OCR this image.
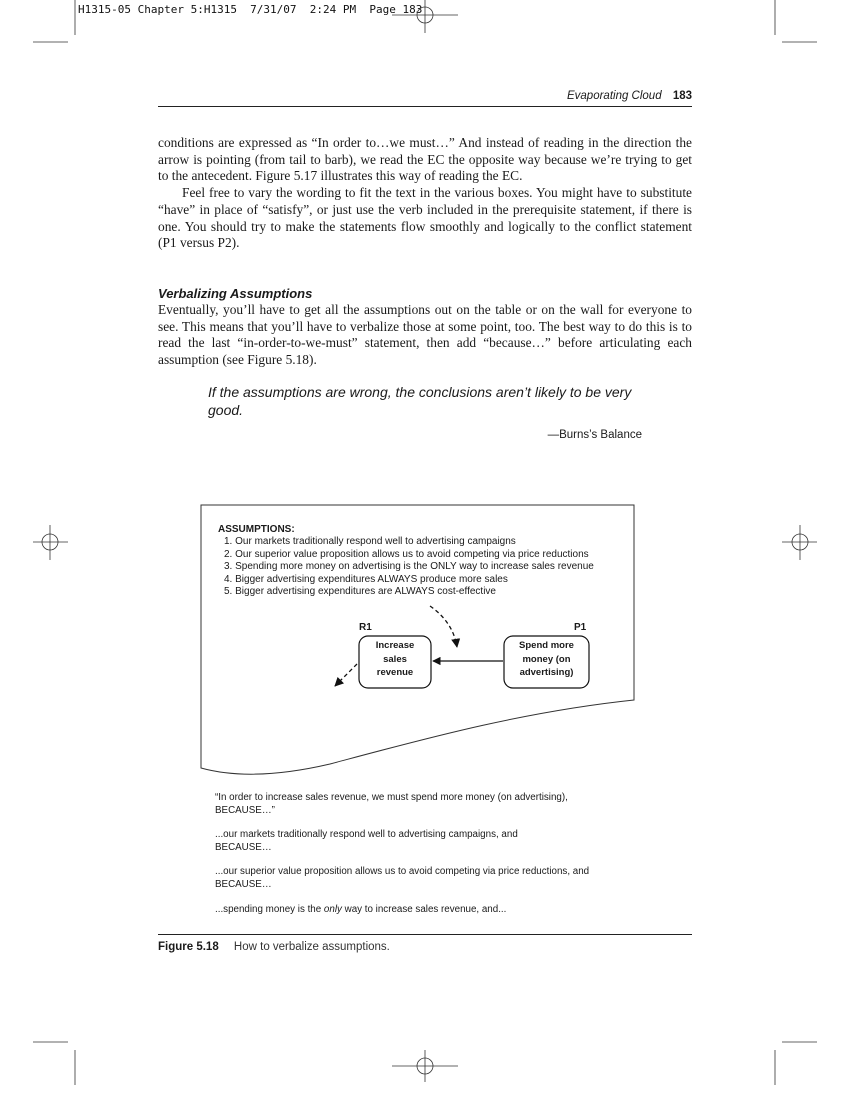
H1315-05 Chapter 5:H1315  7/31/07  2:24 PM  Page 183
Evaporating Cloud 183

conditions are expressed as “In order to…we must…” And instead of reading in the direction the arrow is pointing (from tail to barb), we read the EC the opposite way because we’re trying to get to the antecedent. Figure 5.17 illustrates this way of reading the EC.

Feel free to vary the wording to fit the text in the various boxes. You might have to substitute “have” in place of “satisfy”, or just use the verb included in the prerequisite statement, if there is one. You should try to make the statements flow smoothly and logically to the conflict statement (P1 versus P2).

Verbalizing Assumptions

Eventually, you’ll have to get all the assumptions out on the table or on the wall for everyone to see. This means that you’ll have to verbalize those at some point, too. The best way to do this is to read the last “in-order-to-we-must” statement, then add “because…” before articulating each assumption (see Figure 5.18).

If the assumptions are wrong, the conclusions aren’t likely to be very good.
—Burns’s Balance
ASSUMPTIONS:
1. Our markets traditionally respond well to advertising campaigns
2. Our superior value proposition allows us to avoid competing via price reductions
3. Spending more money on advertising is the ONLY way to increase sales revenue
4. Bigger advertising expenditures ALWAYS produce more sales
5. Bigger advertising expenditures are ALWAYS cost-effective
R1	P1
Increase
sales
revenue
Spend more
money (on
advertising)

“In order to increase sales revenue, we must spend more money (on advertising),

BECAUSE…”

...our markets traditionally respond well to advertising campaigns, and

BECAUSE…

...our superior value proposition allows us to avoid competing via price reductions, and

BECAUSE…

...spending money is the only way to increase sales revenue, and...

Figure 5.18 How to verbalize assumptions.
